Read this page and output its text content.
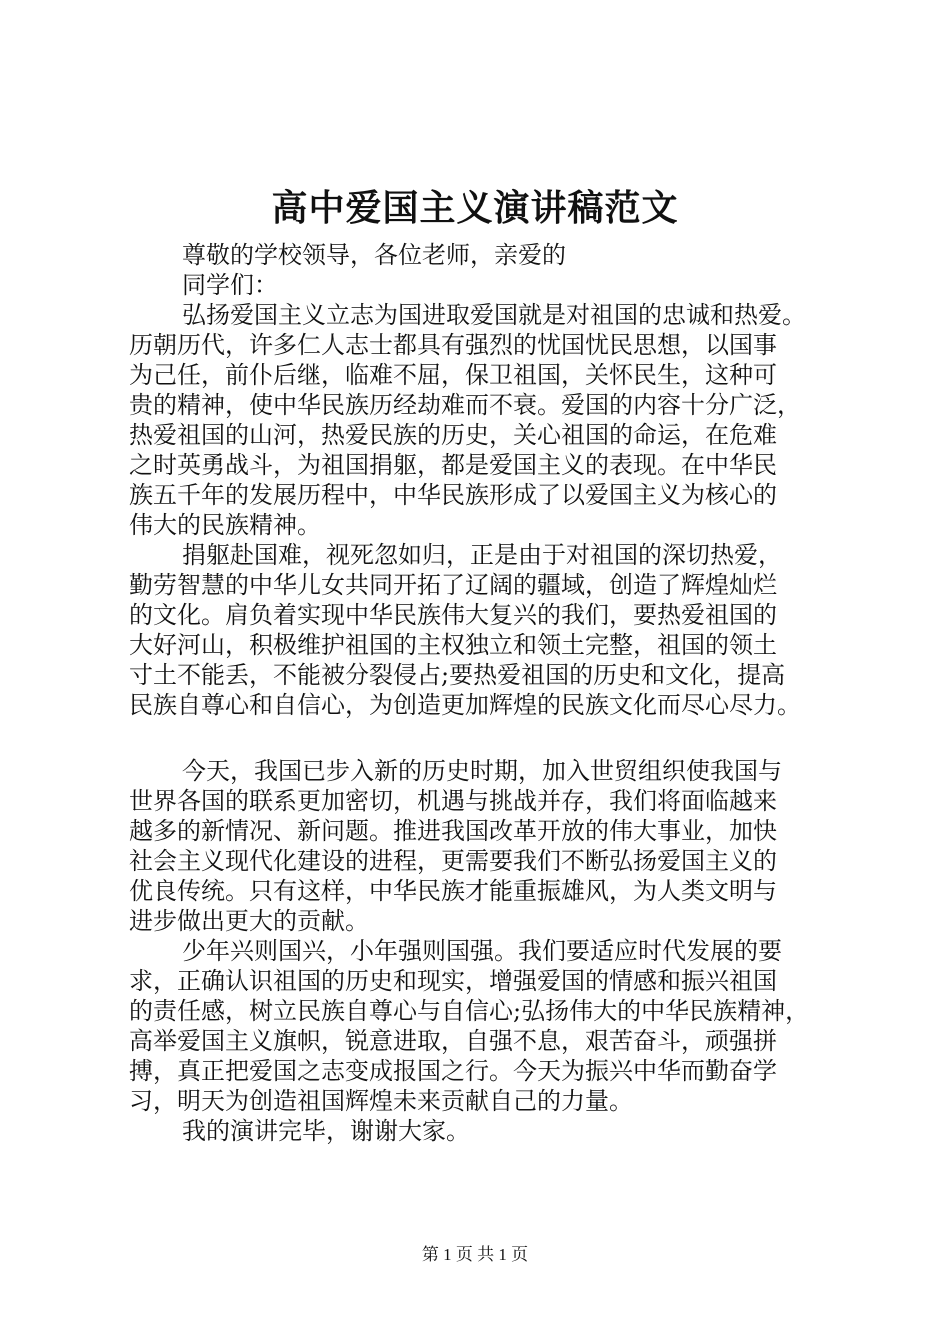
高中爱国主义演讲稿范文
尊敬的学校领导，各位老师，亲爱的
同学们：
弘扬爱国主义立志为国进取爱国就是对祖国的忠诚和热爱。
历朝历代，许多仁人志士都具有强烈的忧国忧民思想，以国事
为己任，前仆后继，临难不屈，保卫祖国，关怀民生，这种可
贵的精神，使中华民族历经劫难而不衰。爱国的内容十分广泛，
热爱祖国的山河，热爱民族的历史，关心祖国的命运，在危难
之时英勇战斗，为祖国捐躯，都是爱国主义的表现。在中华民
族五千年的发展历程中，中华民族形成了以爱国主义为核心的
伟大的民族精神。
捐躯赴国难，视死忽如归，正是由于对祖国的深切热爱，
勤劳智慧的中华儿女共同开拓了辽阔的疆域，创造了辉煌灿烂
的文化。肩负着实现中华民族伟大复兴的我们，要热爱祖国的
大好河山，积极维护祖国的主权独立和领土完整，祖国的领土
寸土不能丢，不能被分裂侵占;要热爱祖国的历史和文化，提高
民族自尊心和自信心，为创造更加辉煌的民族文化而尽心尽力。
今天，我国已步入新的历史时期，加入世贸组织使我国与
世界各国的联系更加密切，机遇与挑战并存，我们将面临越来
越多的新情况、新问题。推进我国改革开放的伟大事业，加快
社会主义现代化建设的进程，更需要我们不断弘扬爱国主义的
优良传统。只有这样，中华民族才能重振雄风，为人类文明与
进步做出更大的贡献。
少年兴则国兴，小年强则国强。我们要适应时代发展的要
求，正确认识祖国的历史和现实，增强爱国的情感和振兴祖国
的责任感，树立民族自尊心与自信心;弘扬伟大的中华民族精神，
高举爱国主义旗帜，锐意进取，自强不息，艰苦奋斗，顽强拼
搏，真正把爱国之志变成报国之行。今天为振兴中华而勤奋学
习，明天为创造祖国辉煌未来贡献自己的力量。
我的演讲完毕，谢谢大家。
第 1 页 共 1 页
